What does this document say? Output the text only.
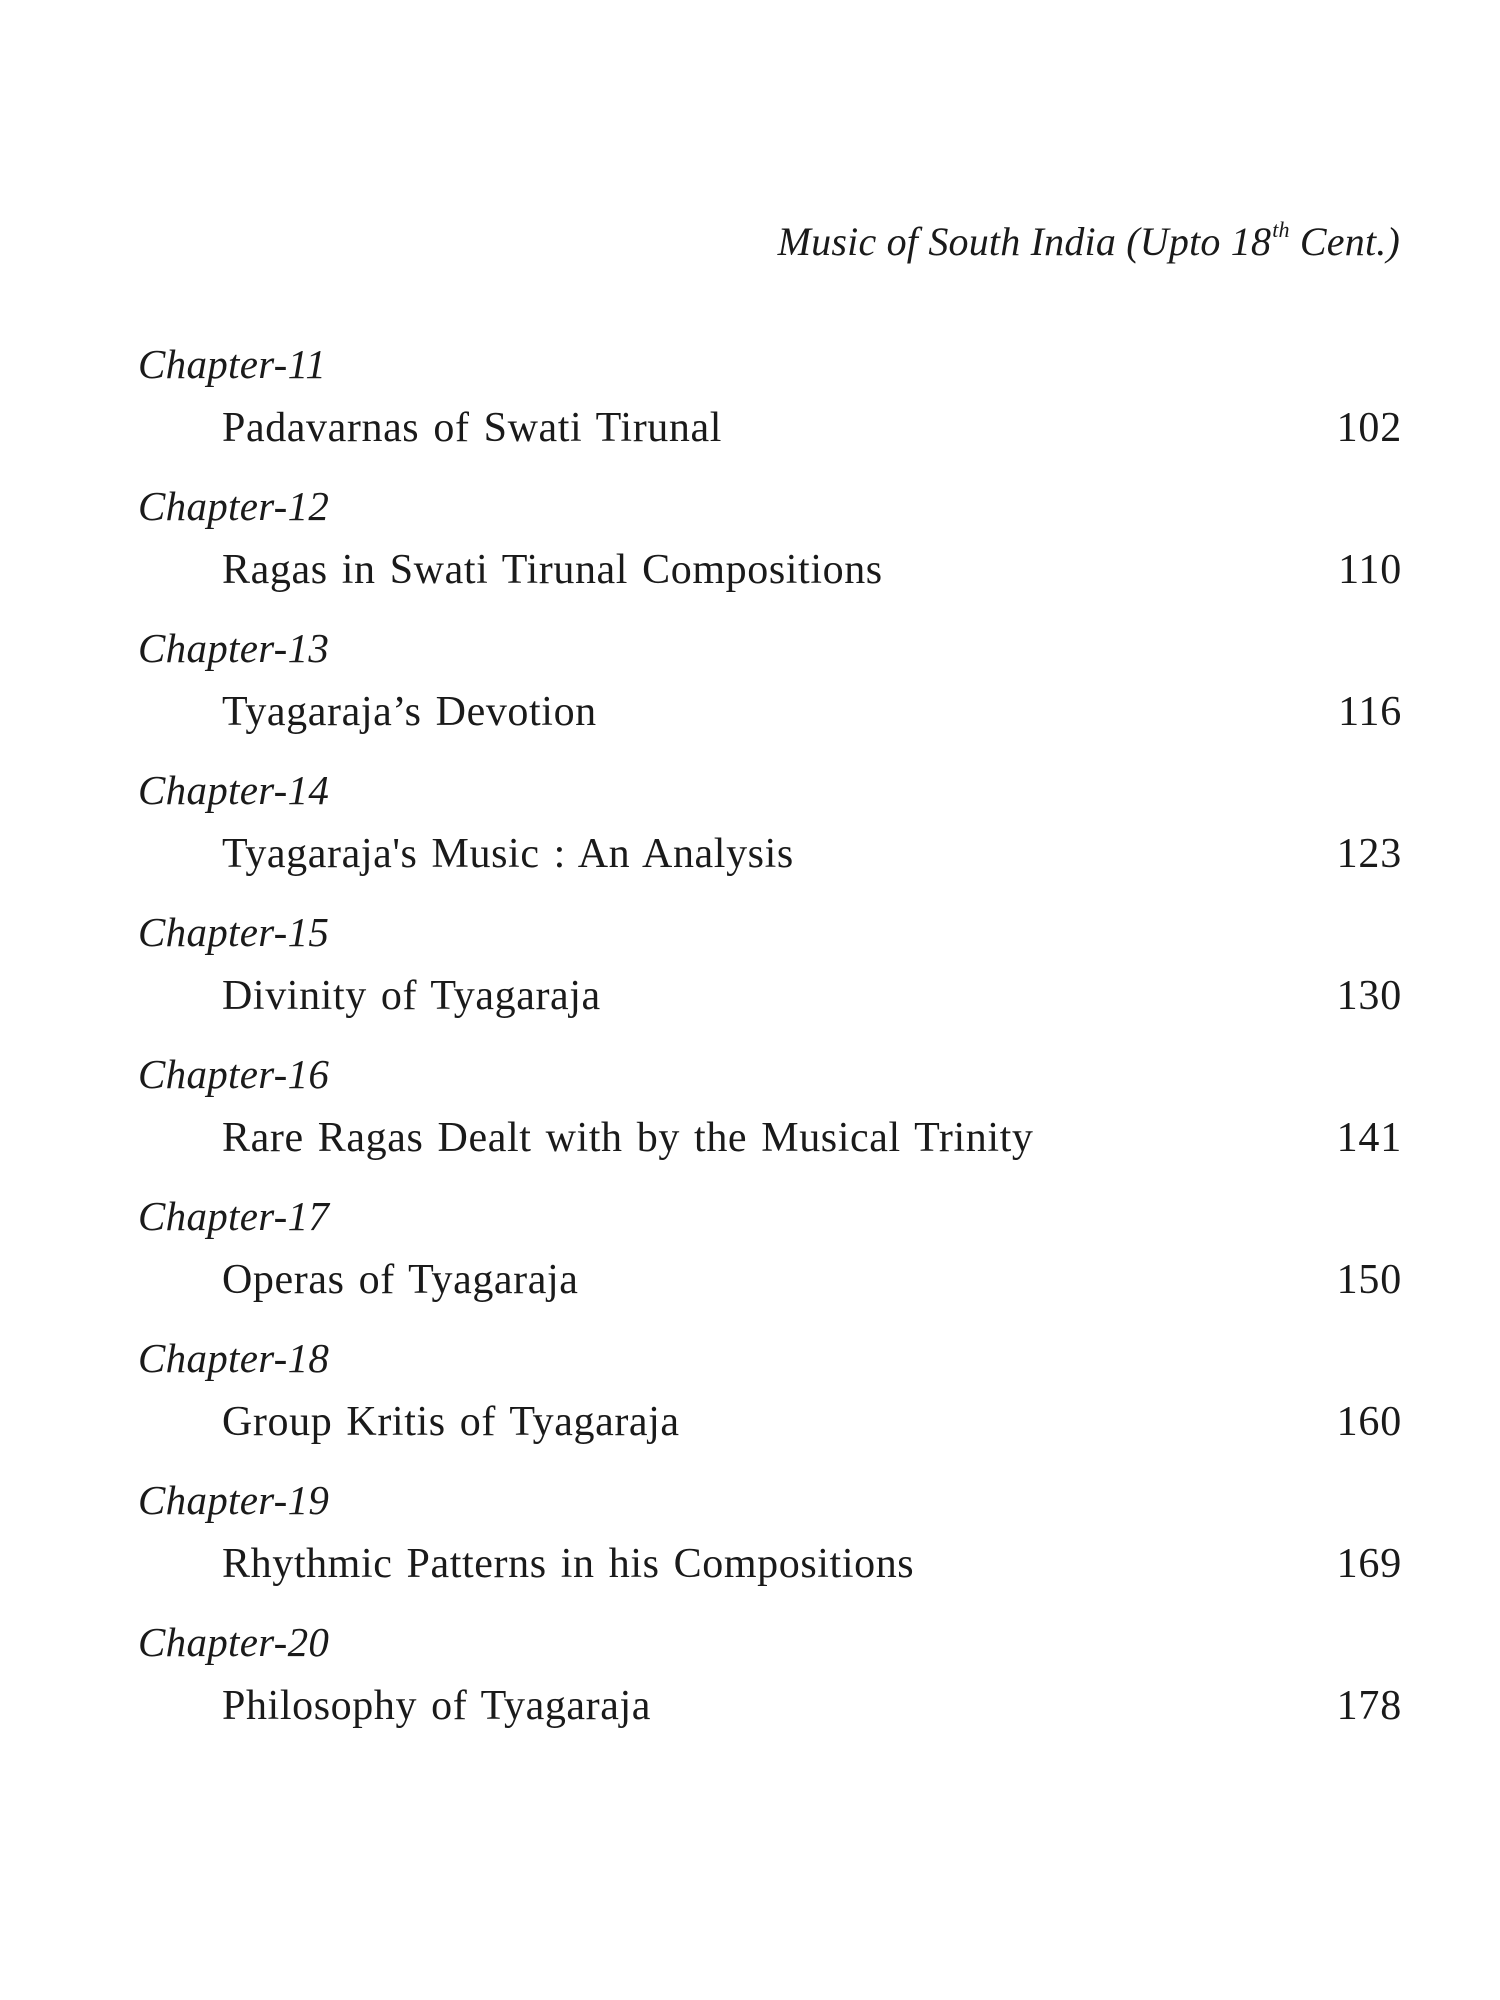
Music of South India (Upto 18th Cent.)
Chapter-11
Padavarnas of Swati Tirunal	102
Chapter-12
Ragas in Swati Tirunal Compositions	110
Chapter-13
Tyagaraja’s Devotion	116
Chapter-14
Tyagaraja's Music : An Analysis	123
Chapter-15
Divinity of Tyagaraja	130
Chapter-16
Rare Ragas Dealt with by the Musical Trinity	141
Chapter-17
Operas of Tyagaraja	150
Chapter-18
Group Kritis of Tyagaraja	160
Chapter-19
Rhythmic Patterns in his Compositions	169
Chapter-20
Philosophy of Tyagaraja	178
